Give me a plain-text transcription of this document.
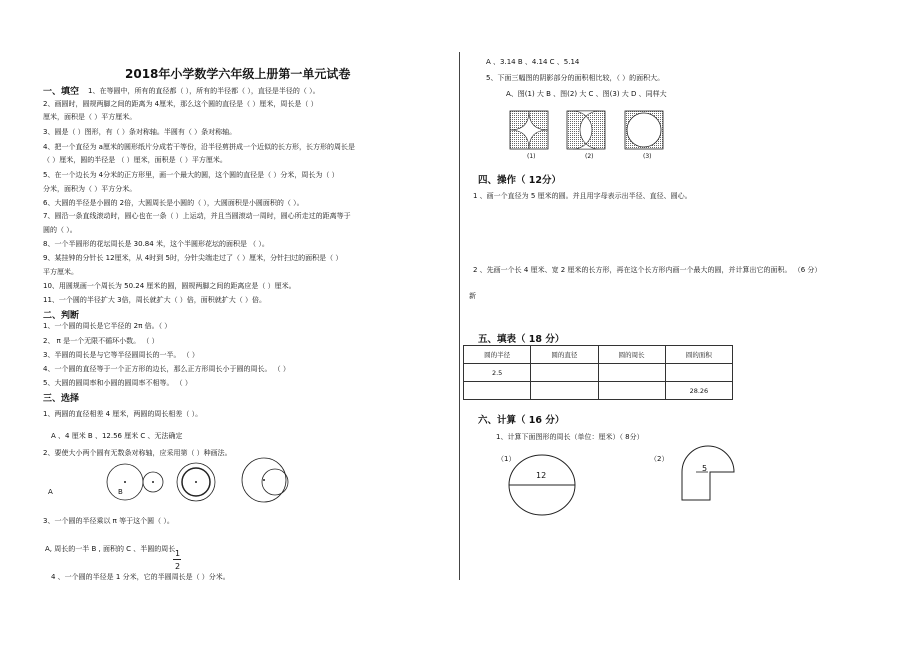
2018年小学数学六年级上册第一单元试卷
一、填空 1、在等圆中，所有的直径都（ ），所有的半径都（ ），直径是半径的（ ）。
2、画圆时，圆规两脚之间的距离为 4厘米，那么这个圆的直径是（ ）厘米，周长是（ ）
厘米，面积是（ ）平方厘米。
3、圆是（ ）图形，有（ ）条对称轴。半圆有（ ）条对称轴。
4、把一个直径为 a厘米的圆形纸片分成若干等份，沿半径剪拼成一个近似的长方形，长方形的周长是
（ ）厘米，圆的半径是 （ ）厘米，面积是（ ）平方厘米。
5、在一个边长为 4分米的正方形里，画一个最大的圆，这个圆的直径是（ ）分米，周长为（ ）
分米，面积为（ ）平方分米。
6、大圆的半径是小圆的 2倍，大圆周长是小圆的（ ），大圆面积是小圆面积的（ ）。
7、圆沿一条直线滚动时，圆心也在一条（ ）上运动，并且当圆滚动一周时，圆心所走过的距离等于
圆的（ ）。
8、一个半圆形的花坛周长是 30.84 米，这个半圆形花坛的面积是 （ ）。
9、某挂钟的分针长 12厘米，从 4时到 5时，分针尖端走过了（ ）厘米，分针扫过的面积是（ ）
平方厘米。
10、用圆规画一个周长为 50.24 厘米的圆，圆规两脚之间的距离应是（ ）厘米。
11、一个圆的半径扩大 3倍，周长就扩大（ ）倍，面积就扩大（ ）倍。
二、判断
1、一个圆的周长是它半径的 2π 倍。（ ）
2、 π 是一个无限不循环小数。 （ ）
3、半圆的周长是与它等半径圆周长的一半。 （ ）
4、一个圆的直径等于一个正方形的边长，那么正方形周长小于圆的周长。 （ ）
5、大圆的圆周率和小圆的圆周率不相等。 （ ）
三、选择
1、两圆的直径相差 4 厘米，两圆的周长相差（ ）。
A 、4 厘米 B 、12.56 厘米 C 、无法确定
2、要使大小两个圆有无数条对称轴，应采用第（ ）种画法。
A	B
3、一个圆的半径乘以 π 等于这个圆（ ）。
A, 周长的一半 B , 面积的 C 、半圆的周长 1
2
4 、一个圆的半径是 1 分米，它的半圆周长是（ ）分米。
A 、3.14 B 、4.14 C 、5.14
5、下面三幅图的阴影部分的面积相比较，（ ）的面积大。
A、图(1) 大 B 、图(2) 大 C 、图(3) 大 D 、同样大
(1)	(2)	(3)
四、操作（ 12分）
1 、画一个直径为 5 厘米的圆。并且用字母表示出半径、直径、圆心。
2 、先画一个长 4 厘米、宽 2 厘米的长方形，再在这个长方形内画一个最大的圆，并计算出它的面积。 （6 分）
新
五、填表（ 18 分）
圆的半径	圆的直径	圆的周长	圆的面积
2.5			
			28.26
六、计算（ 16 分）
1、计算下面图形的周长（单位：厘米）（ 8分）
（1）	（2）
12
5
